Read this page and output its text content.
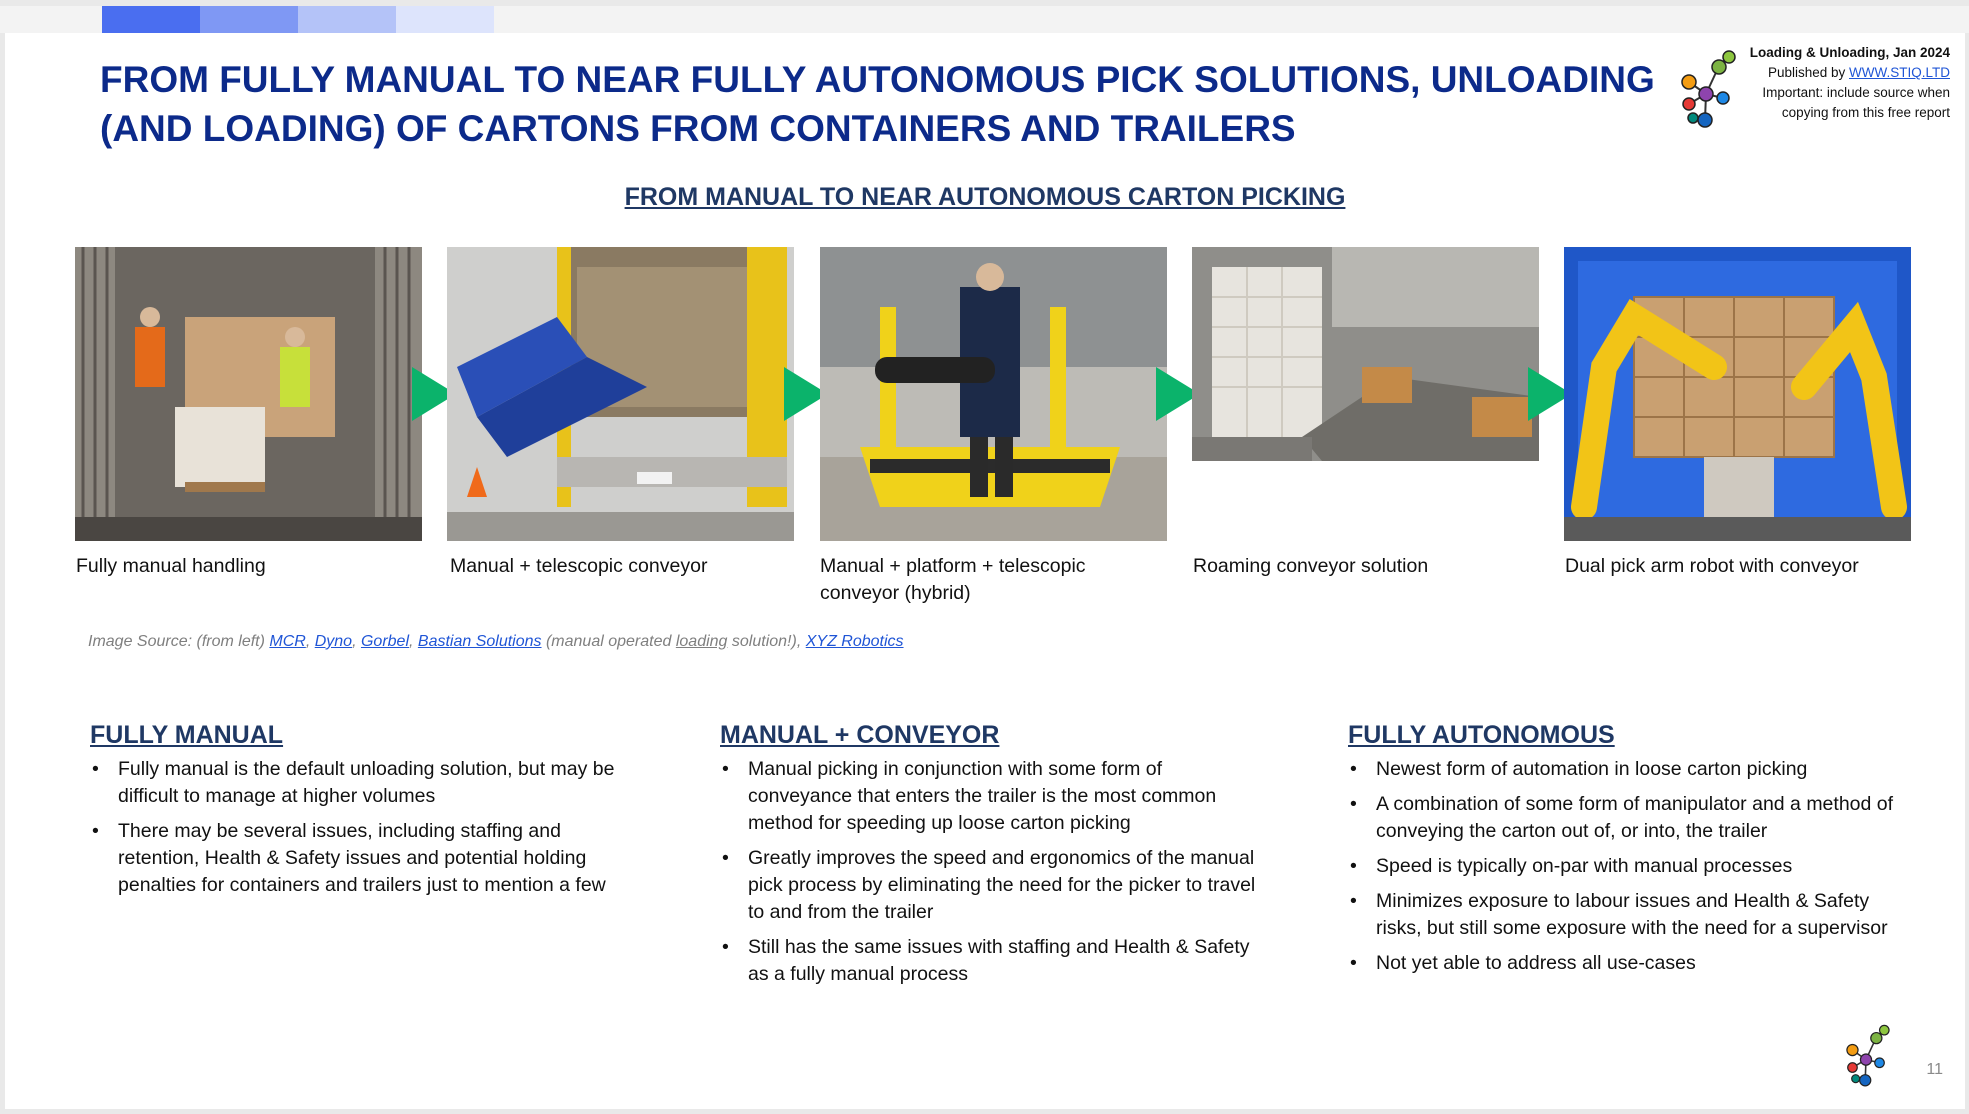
FROM FULLY MANUAL TO NEAR FULLY AUTONOMOUS PICK SOLUTIONS, UNLOADING (AND LOADING) OF CARTONS FROM CONTAINERS AND TRAILERS
Loading & Unloading, Jan 2024
Published by WWW.STIQ.LTD
Important: include source when
copying from this free report
FROM MANUAL TO NEAR AUTONOMOUS CARTON PICKING
Fully manual handling	Manual + telescopic conveyor	Manual + platform + telescopic conveyor (hybrid)
Roaming conveyor solution	Dual pick arm robot with conveyor
Image Source: (from left) MCR, Dyno, Gorbel, Bastian Solutions (manual operated loading solution!), XYZ Robotics
FULLY MANUAL
• Fully manual is the default unloading solution, but may be difficult to manage at higher volumes
• There may be several issues, including staffing and retention, Health & Safety issues and potential holding penalties for containers and trailers just to mention a few
MANUAL + CONVEYOR
• Manual picking in conjunction with some form of conveyance that enters the trailer is the most common method for speeding up loose carton picking
• Greatly improves the speed and ergonomics of the manual pick process by eliminating the need for the picker to travel to and from the trailer
• Still has the same issues with staffing and Health & Safety as a fully manual process
FULLY AUTONOMOUS
• Newest form of automation in loose carton picking
• A combination of some form of manipulator and a method of conveying the carton out of, or into, the trailer
• Speed is typically on-par with manual processes
• Minimizes exposure to labour issues and Health & Safety risks, but still some exposure with the need for a supervisor
• Not yet able to address all use-cases
11
